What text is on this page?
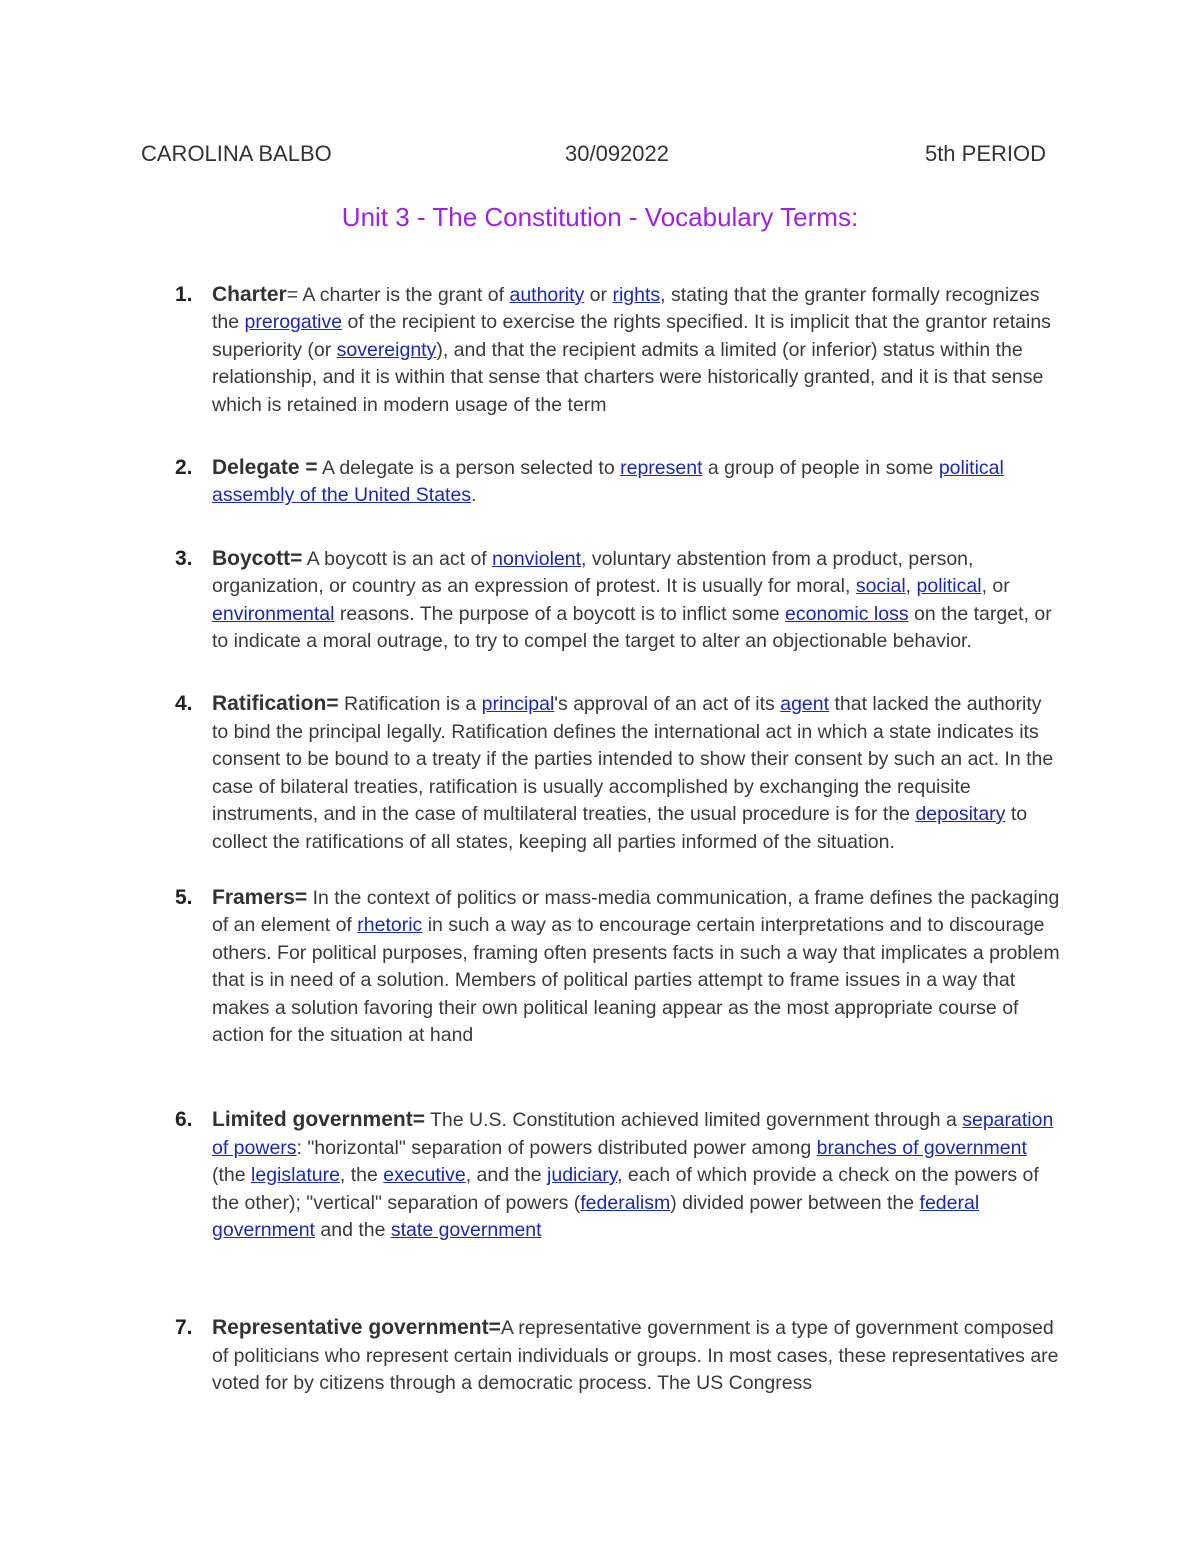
CAROLINA BALBO	30/092022	5th PERIOD
Unit 3 - The Constitution - Vocabulary Terms:
1. Charter= A charter is the grant of authority or rights, stating that the granter formally recognizes the prerogative of the recipient to exercise the rights specified. It is implicit that the grantor retains superiority (or sovereignty), and that the recipient admits a limited (or inferior) status within the relationship, and it is within that sense that charters were historically granted, and it is that sense which is retained in modern usage of the term
2. Delegate = A delegate is a person selected to represent a group of people in some political assembly of the United States.
3. Boycott= A boycott is an act of nonviolent, voluntary abstention from a product, person, organization, or country as an expression of protest. It is usually for moral, social, political, or environmental reasons. The purpose of a boycott is to inflict some economic loss on the target, or to indicate a moral outrage, to try to compel the target to alter an objectionable behavior.
4. Ratification= Ratification is a principal's approval of an act of its agent that lacked the authority to bind the principal legally. Ratification defines the international act in which a state indicates its consent to be bound to a treaty if the parties intended to show their consent by such an act. In the case of bilateral treaties, ratification is usually accomplished by exchanging the requisite instruments, and in the case of multilateral treaties, the usual procedure is for the depositary to collect the ratifications of all states, keeping all parties informed of the situation.
5. Framers= In the context of politics or mass-media communication, a frame defines the packaging of an element of rhetoric in such a way as to encourage certain interpretations and to discourage others. For political purposes, framing often presents facts in such a way that implicates a problem that is in need of a solution. Members of political parties attempt to frame issues in a way that makes a solution favoring their own political leaning appear as the most appropriate course of action for the situation at hand
6. Limited government= The U.S. Constitution achieved limited government through a separation of powers: "horizontal" separation of powers distributed power among branches of government (the legislature, the executive, and the judiciary, each of which provide a check on the powers of the other); "vertical" separation of powers (federalism) divided power between the federal government and the state government
7. Representative government=A representative government is a type of government composed of politicians who represent certain individuals or groups. In most cases, these representatives are voted for by citizens through a democratic process. The US Congress
